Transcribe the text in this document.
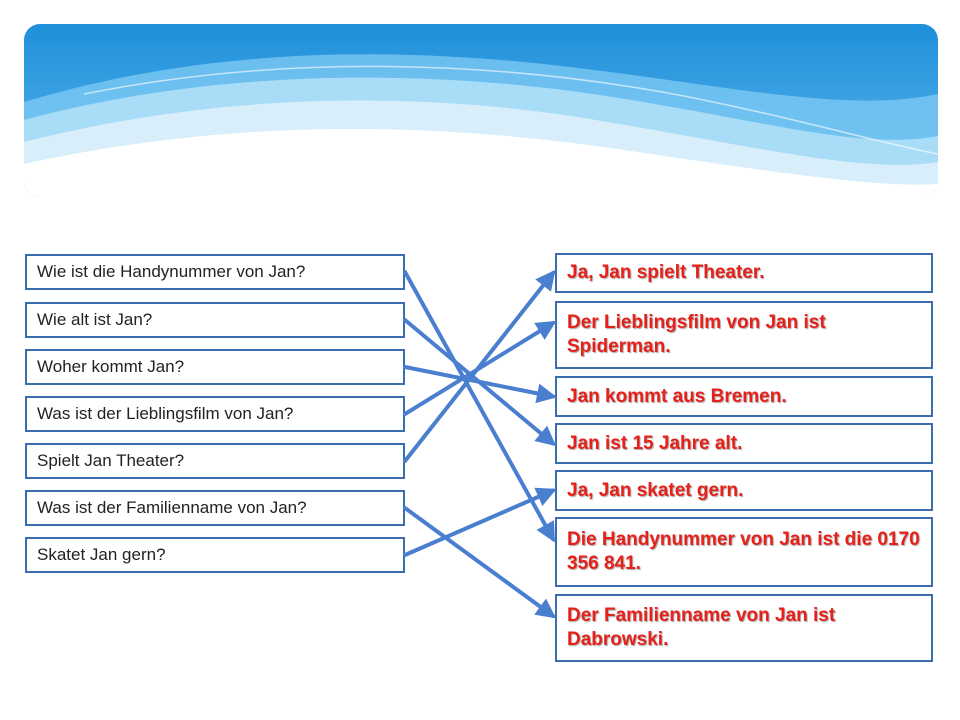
Wie ist die Handynummer von Jan?
Wie alt ist Jan?
Woher kommt Jan?
Was ist der Lieblingsfilm von Jan?
Spielt Jan Theater?
Was ist der Familienname von Jan?
Skatet Jan gern?
Ja, Jan spielt Theater.
Der Lieblingsfilm von Jan ist Spiderman.
Jan kommt aus Bremen.
Jan ist 15 Jahre alt.
Ja, Jan skatet gern.
Die Handynummer von Jan ist die 0170 356 841.
Der Familienname von Jan ist Dabrowski.
